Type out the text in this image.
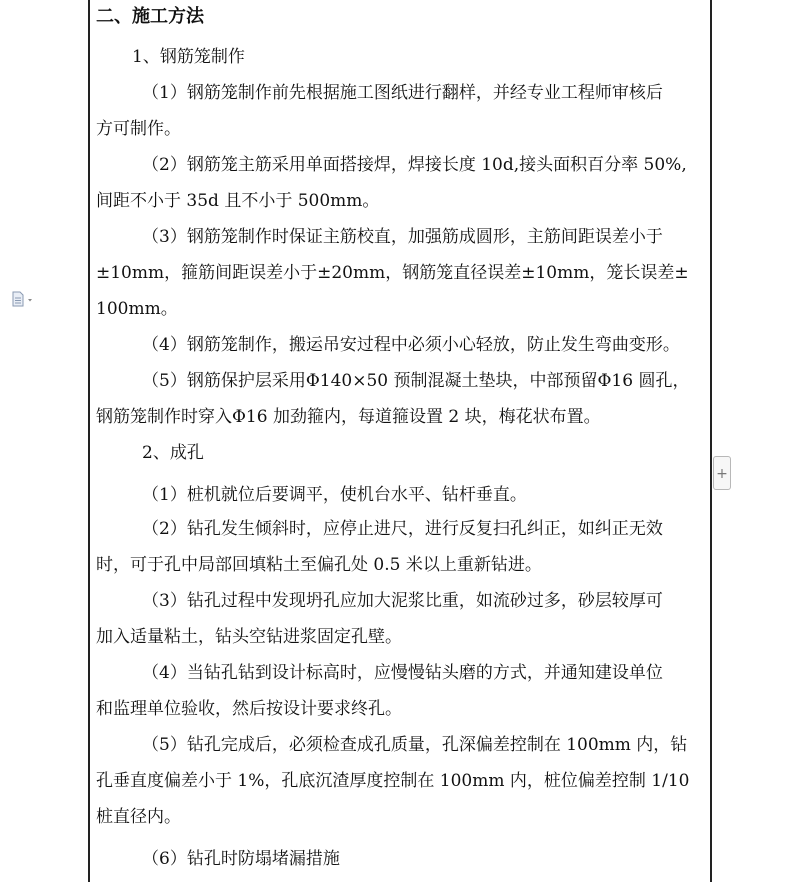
+
二、施工方法
1、钢筋笼制作
（1）钢筋笼制作前先根据施工图纸进行翻样，并经专业工程师审核后
方可制作。
（2）钢筋笼主筋采用单面搭接焊，焊接长度 10d,接头面积百分率 50%,
间距不小于 35d 且不小于 500mm。
（3）钢筋笼制作时保证主筋校直，加强筋成圆形，主筋间距误差小于
±10mm，箍筋间距误差小于±20mm，钢筋笼直径误差±10mm，笼长误差±
100mm。
（4）钢筋笼制作，搬运吊安过程中必须小心轻放，防止发生弯曲变形。
（5）钢筋保护层采用Φ140×50 预制混凝土垫块，中部预留Φ16 圆孔，
钢筋笼制作时穿入Φ16 加劲箍内，每道箍设置 2 块，梅花状布置。
2、成孔
（1）桩机就位后要调平，使机台水平、钻杆垂直。
（2）钻孔发生倾斜时，应停止进尺，进行反复扫孔纠正，如纠正无效
时，可于孔中局部回填粘土至偏孔处 0.5 米以上重新钻进。
（3）钻孔过程中发现坍孔应加大泥浆比重，如流砂过多，砂层较厚可
加入适量粘土，钻头空钻进浆固定孔壁。
（4）当钻孔钻到设计标高时，应慢慢钻头磨的方式，并通知建设单位
和监理单位验收，然后按设计要求终孔。
（5）钻孔完成后，必须检查成孔质量，孔深偏差控制在 100mm 内，钻
孔垂直度偏差小于 1%，孔底沉渣厚度控制在 100mm 内，桩位偏差控制 1/10
桩直径内。
（6）钻孔时防塌堵漏措施
